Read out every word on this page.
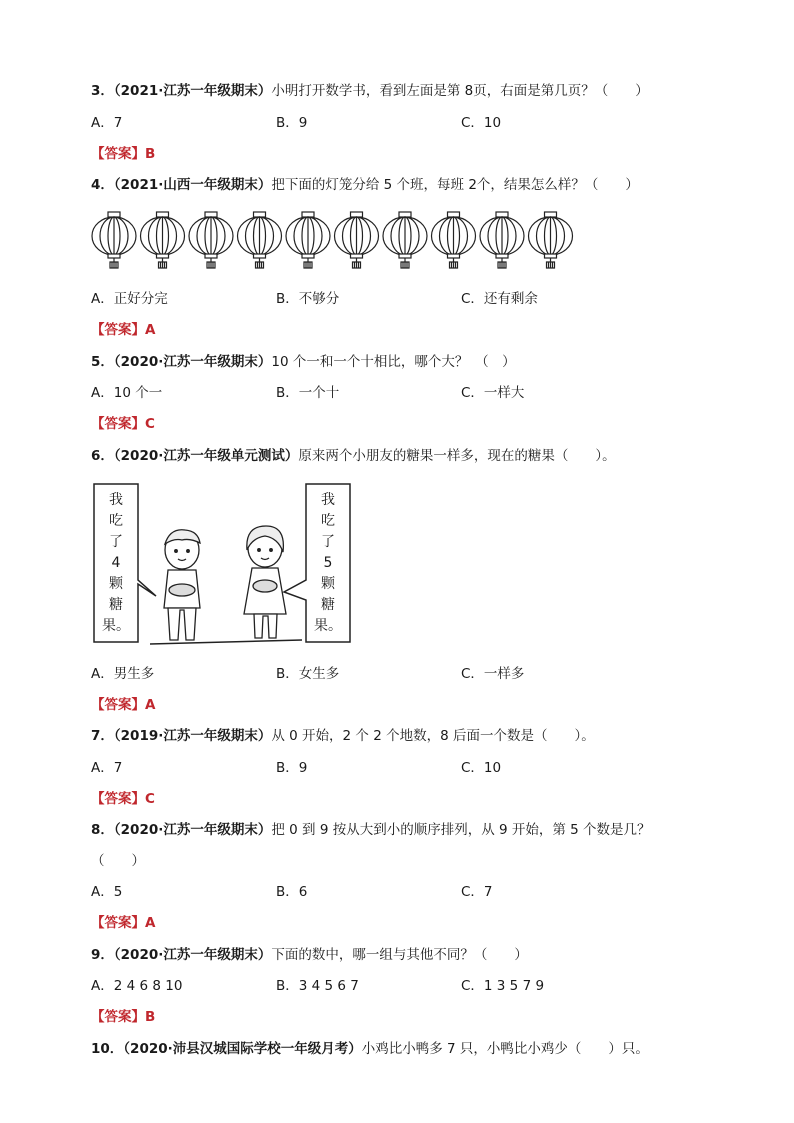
3．（2021·江苏一年级期末）小明打开数学书，看到左面是第 8页，右面是第几页？（　　）
A．7	B．9	C．10
【答案】B
4．（2021·山西一年级期末）把下面的灯笼分给 5 个班，每班 2个，结果怎么样？（　　）
A．正好分完	B．不够分	C．还有剩余
【答案】A
5．（2020·江苏一年级期末）10 个一和一个十相比，哪个大？　（　）
A．10 个一	B．一个十	C．一样大
【答案】C
6．（2020·江苏一年级单元测试）原来两个小朋友的糖果一样多，现在的糖果（　　）。
我
吃
了
4
颗
糖
果。
我
吃
了
5
颗
糖
果。
A．男生多	B．女生多	C．一样多
【答案】A
7．（2019·江苏一年级期末）从 0 开始，2 个 2 个地数，8 后面一个数是（　　）。
A．7	B．9	C．10
【答案】C
8．（2020·江苏一年级期末）把 0 到 9 按从大到小的顺序排列，从 9 开始，第 5 个数是几？
（　　）
A．5	B．6	C．7
【答案】A
9．（2020·江苏一年级期末）下面的数中，哪一组与其他不同？（　　）
A．2 4 6 8 10	B．3 4 5 6 7	C．1 3 5 7 9
【答案】B
10．（2020·沛县汉城国际学校一年级月考）小鸡比小鸭多 7 只，小鸭比小鸡少（　　）只。
